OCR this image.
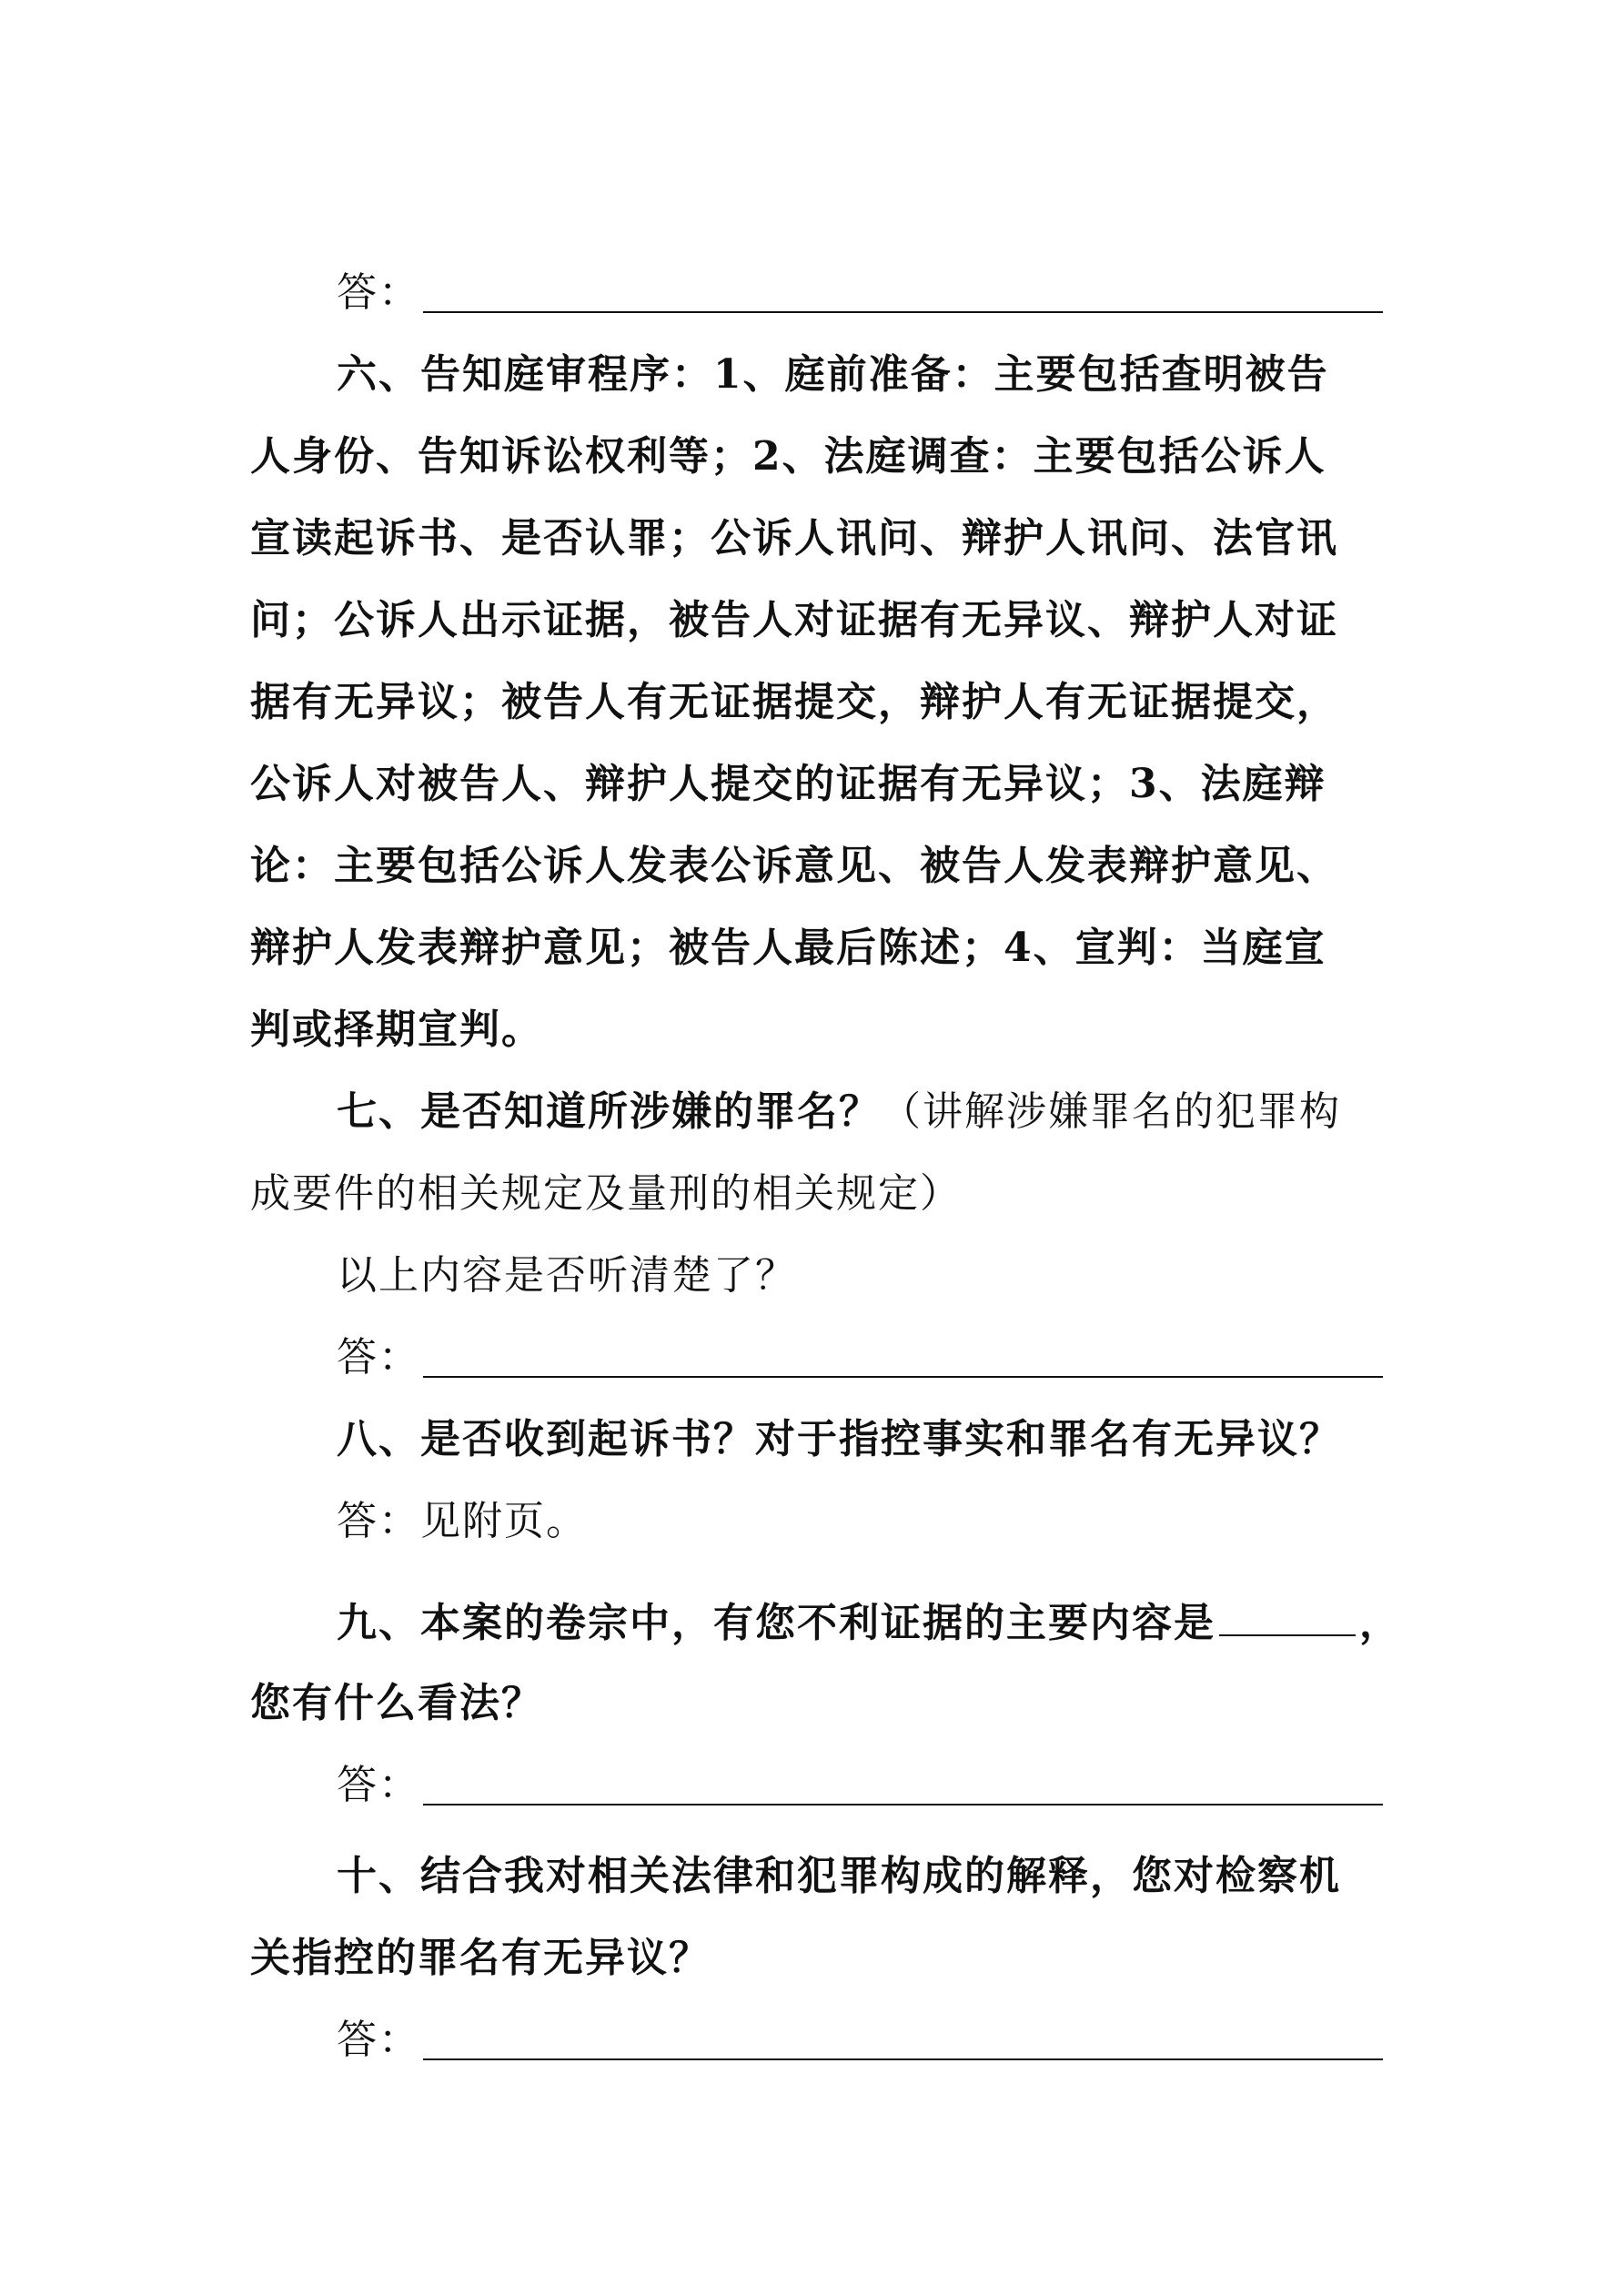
答：
六、告知庭审程序：1、庭前准备：主要包括查明被告
人身份、告知诉讼权利等；2、法庭调查：主要包括公诉人
宣读起诉书、是否认罪；公诉人讯问、辩护人讯问、法官讯
问；公诉人出示证据，被告人对证据有无异议、辩护人对证
据有无异议；被告人有无证据提交，辩护人有无证据提交，
公诉人对被告人、辩护人提交的证据有无异议；3、法庭辩
论：主要包括公诉人发表公诉意见、被告人发表辩护意见、
辩护人发表辩护意见；被告人最后陈述；4、宣判：当庭宣
判或择期宣判。
七、是否知道所涉嫌的罪名？（讲解涉嫌罪名的犯罪构
成要件的相关规定及量刑的相关规定）
以上内容是否听清楚了？
答：
八、是否收到起诉书？对于指控事实和罪名有无异议？
答：见附页。
九、本案的卷宗中，有您不利证据的主要内容是	，
您有什么看法？
答：
十、结合我对相关法律和犯罪构成的解释，您对检察机
关指控的罪名有无异议？
答：
